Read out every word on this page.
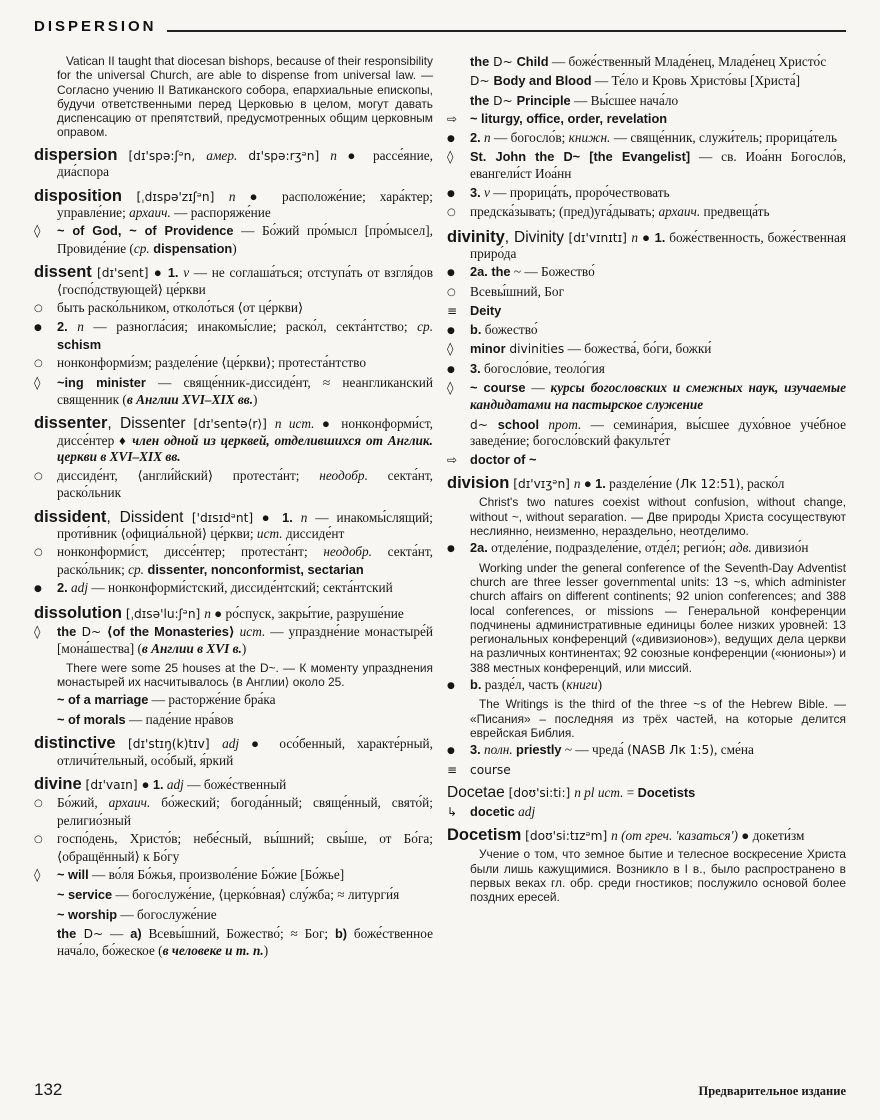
DISPERSION
Vatican II taught that diocesan bishops, because of their responsibility for the universal Church, are able to dispense from universal law. — Согласно учению II Ватиканского собора, епархиальные епископы, будучи ответственными перед Церковью в целом, могут давать диспенсацию от препятствий, предусмотренных общим церковным оправом.
dispersion [dɪ'spə:ʃᵊn, амер. dɪ'spə:rʒᵊn] n ● рассе́яние, диа́спора
disposition [ˌdɪspə'zɪʃᵊn] n ● расположе́ние; хара́ктер; управле́ние; архаич. — распоряже́ние
◊ ~ of God, ~ of Providence — Бо́жий про́мысл [про́мысел], Провиде́ние (ср. dispensation)
dissent [dɪ'sent] ● 1. v — не соглаша́ться; отступа́ть от взгля́дов ⟨госпо́дствующей⟩ це́ркви
○ быть раско́льником, отколо́ться ⟨от це́ркви⟩
● 2. n — разногла́сия; инакомы́слие; раско́л, секта́нтство; ср. schism
○ нонконформи́зм; разделе́ние ⟨це́ркви⟩; протеста́нтство
◊ ~ing minister — свяще́нник-диссиде́нт, ≈ неангликанский священник (в Англии XVI–XIX вв.)
dissenter, Dissenter [dɪ'sentə⟨r⟩] n ист. ● нонконформи́ст, диссе́нтер ♦ член одной из церквей, отделившихся от Англик. церкви в XVI–XIX вв.
○ диссиде́нт, ⟨англи́йский⟩ протеста́нт; неодобр. секта́нт, раско́льник
dissident, Dissident ['dɪsɪdᵊnt] ● 1. n — инакомы́слящий; проти́вник ⟨официа́льной⟩ це́ркви; ист. диссиде́нт
○ нонконформи́ст, диссе́нтер; протеста́нт; неодобр. секта́нт, раско́льник; ср. dissenter, nonconformist, sectarian
● 2. adj — нонконформи́стский, диссиде́нтский; секта́нтский
dissolution [ˌdɪsə'lu:ʃᵊn] n ● ро́спуск, закры́тие, разруше́ние
◊ the D~ ⟨of the Monasteries⟩ ист. — упраздне́ние монастыре́й [мона́шества] (в Англии в XVI в.)
There were some 25 houses at the D~. — К моменту упразднения монастырей их насчитывалось ⟨в Англии⟩ около 25.
~ of a marriage — расторже́ние бра́ка
~ of morals — паде́ние нра́вов
distinctive [dɪ'stɪŋ(k)tɪv] adj ● осо́бенный, характе́рный, отличи́тельный, осо́бый, я́ркий
divine [dɪ'vaɪn] ● 1. adj — боже́ственный
○ Бо́жий, архаич. бо́жеский; богода́нный; свяще́нный, свято́й; религио́зный
○ госпо́день, Христо́в; небе́сный, вы́шний; свы́ше, от Бо́га; ⟨обращённый⟩ к Бо́гу
◊ ~ will — во́ля Бо́жья, произволе́ние Бо́жие [Бо́жье]
~ service — богослуже́ние, ⟨церко́вная⟩ слу́жба; ≈ литурги́я
~ worship — богослуже́ние
the D~ — a) Всевы́шний, Божество́; ≈ Бог; b) боже́ственное нача́ло, бо́жеское (в человеке и т. п.)
the D~ Child — боже́ственный Младе́нец, Младе́нец Христо́с
D~ Body and Blood — Те́ло и Кровь Христо́вы [Христа́]
the D~ Principle — Вы́сшее нача́ло
⇨ ~ liturgy, office, order, revelation
● 2. n — богосло́в; книжн. — свяще́нник, служи́тель; прорица́тель
◊ St. John the D~ [the Evangelist] — св. Иоа́нн Богосло́в, евангели́ст Иоа́нн
● 3. v — прорица́ть, проро́чествовать
○ предска́зывать; (пред)уга́дывать; архаич. предвеща́ть
divinity, Divinity [dɪ'vɪnɪtɪ] n ● 1. боже́ственность, боже́ственная приро́да
● 2a. the ~ — Божество́
○ Всевы́шний, Бог
≡ Deity
● b. божество́
◊ minor divinities — божества́, бо́ги, божки́
● 3. богосло́вие, теоло́гия
◊ ~ course — курсы богословских и смежных наук, изучаемые кандидатами на пастырское служение
d~ school прот. — семина́рия, вы́сшее духо́вное уче́бное заведе́ние; богосло́вский факульте́т
⇨ doctor of ~
division [dɪ'vɪʒᵊn] n ● 1. разделе́ние (Лк 12:51), раско́л
Christ's two natures coexist without confusion, without change, without ~, without separation. — Две природы Христа сосуществуют неслиянно, неизменно, нераздельно, неотделимо.
● 2a. отделе́ние, подразделе́ние, отде́л; регио́н; адв. дивизио́н
Working under the general conference of the Seventh-Day Adventist church are three lesser governmental units: 13 ~s, which administer church affairs on different continents; 92 union conferences; and 388 local conferences, or missions — Генеральной конференции подчинены административные единицы более низких уровней: 13 региональных конференций («дивизионов»), ведущих дела церкви на различных континентах; 92 союзные конференции («юнионы») и 388 местных конференций, или миссий.
● b. разде́л, часть (книги)
The Writings is the third of the three ~s of the Hebrew Bible. — «Писания» – последняя из трёх частей, на которые делится еврейская Библия.
● 3. полн. priestly ~ — чреда́ (NASB Лк 1:5), сме́на
≡ course
Docetae [doʊ'si:ti:] n pl ист. = Docetists
↳ docetic adj
Docetism [doʊ'si:tɪzᵊm] n (от греч. 'казаться') ● докети́зм
Учение о том, что земное бытие и телесное воскресение Христа были лишь кажущимися. Возникло в I в., было распространено в первых веках гл. обр. среди гностиков; послужило основой более поздних ересей.
132	Предварительное издание
